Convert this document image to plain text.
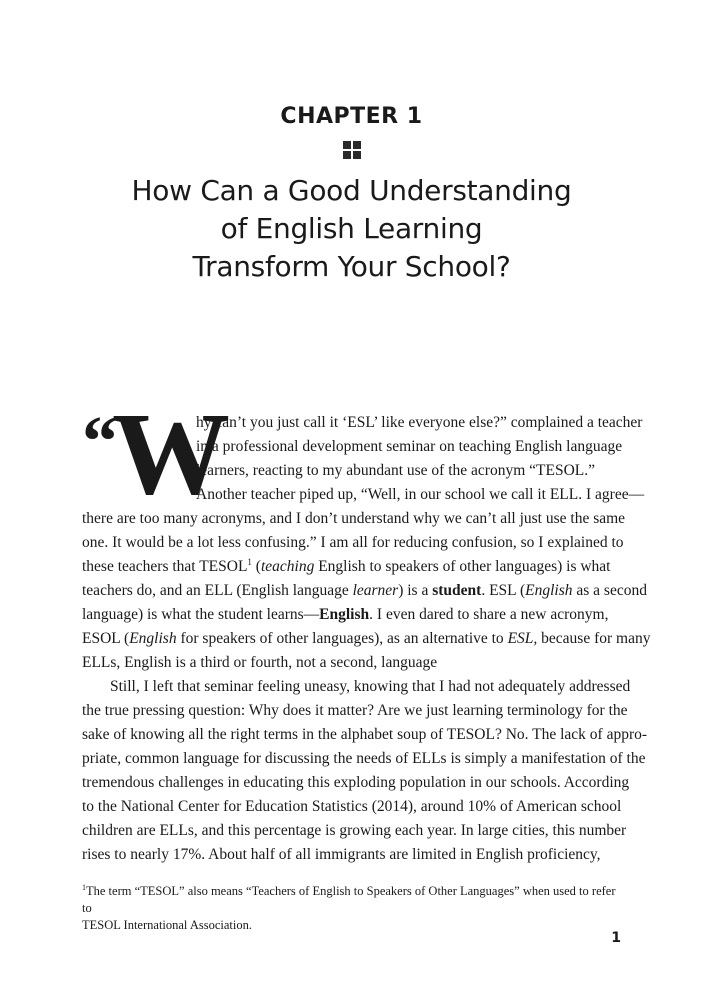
CHAPTER 1
How Can a Good Understanding
of English Learning
Transform Your School?
“
W
hy can’t you just call it ‘ESL’ like everyone else?” complained a teacher
in a professional development seminar on teaching English language
learners, reacting to my abundant use of the acronym “TESOL.”
Another teacher piped up, “Well, in our school we call it ELL. I agree—
there are too many acronyms, and I don’t understand why we can’t all just use the same
one. It would be a lot less confusing.” I am all for reducing confusion, so I explained to
these teachers that TESOL$^1$ (teaching English to speakers of other languages) is what
teachers do, and an ELL (English language learner) is a student. ESL (English as a second
language) is what the student learns—English. I even dared to share a new acronym,
ESOL (English for speakers of other languages), as an alternative to ESL, because for many
ELLs, English is a third or fourth, not a second, language
Still, I left that seminar feeling uneasy, knowing that I had not adequately addressed
the true pressing question: Why does it matter? Are we just learning terminology for the
sake of knowing all the right terms in the alphabet soup of TESOL? No. The lack of appro-
priate, common language for discussing the needs of ELLs is simply a manifestation of the
tremendous challenges in educating this exploding population in our schools. According
to the National Center for Education Statistics (2014), around 10% of American school
children are ELLs, and this percentage is growing each year. In large cities, this number
rises to nearly 17%. About half of all immigrants are limited in English proficiency,
$^1$The term “TESOL” also means “Teachers of English to Speakers of Other Languages” when used to refer to
TESOL International Association.
1
